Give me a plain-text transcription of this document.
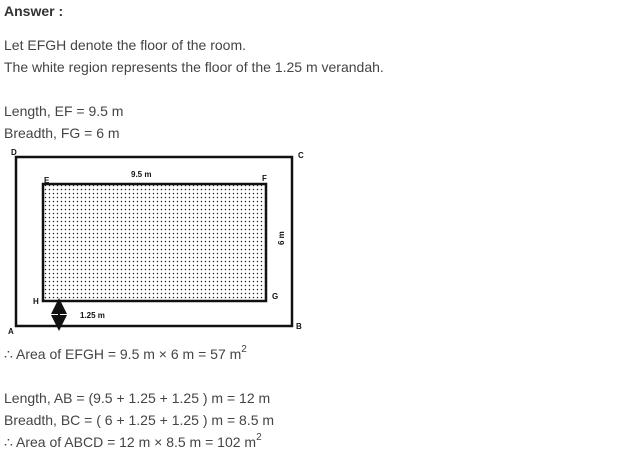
Answer :
Let EFGH denote the floor of the room.
The white region represents the floor of the 1.25 m verandah.
Length, EF = 9.5 m
Breadth, FG = 6 m
D	C
A
B
E	F
G
H
9.5 m
6 m
1.25 m
∴ Area of EFGH = 9.5 m × 6 m = 57 $m^2$
Length, AB = (9.5 + 1.25 + 1.25 ) m = 12 m
Breadth, BC = ( 6 + 1.25 + 1.25 ) m = 8.5 m
∴ Area of ABCD = 12 m × 8.5 m = 102 $m^2$
